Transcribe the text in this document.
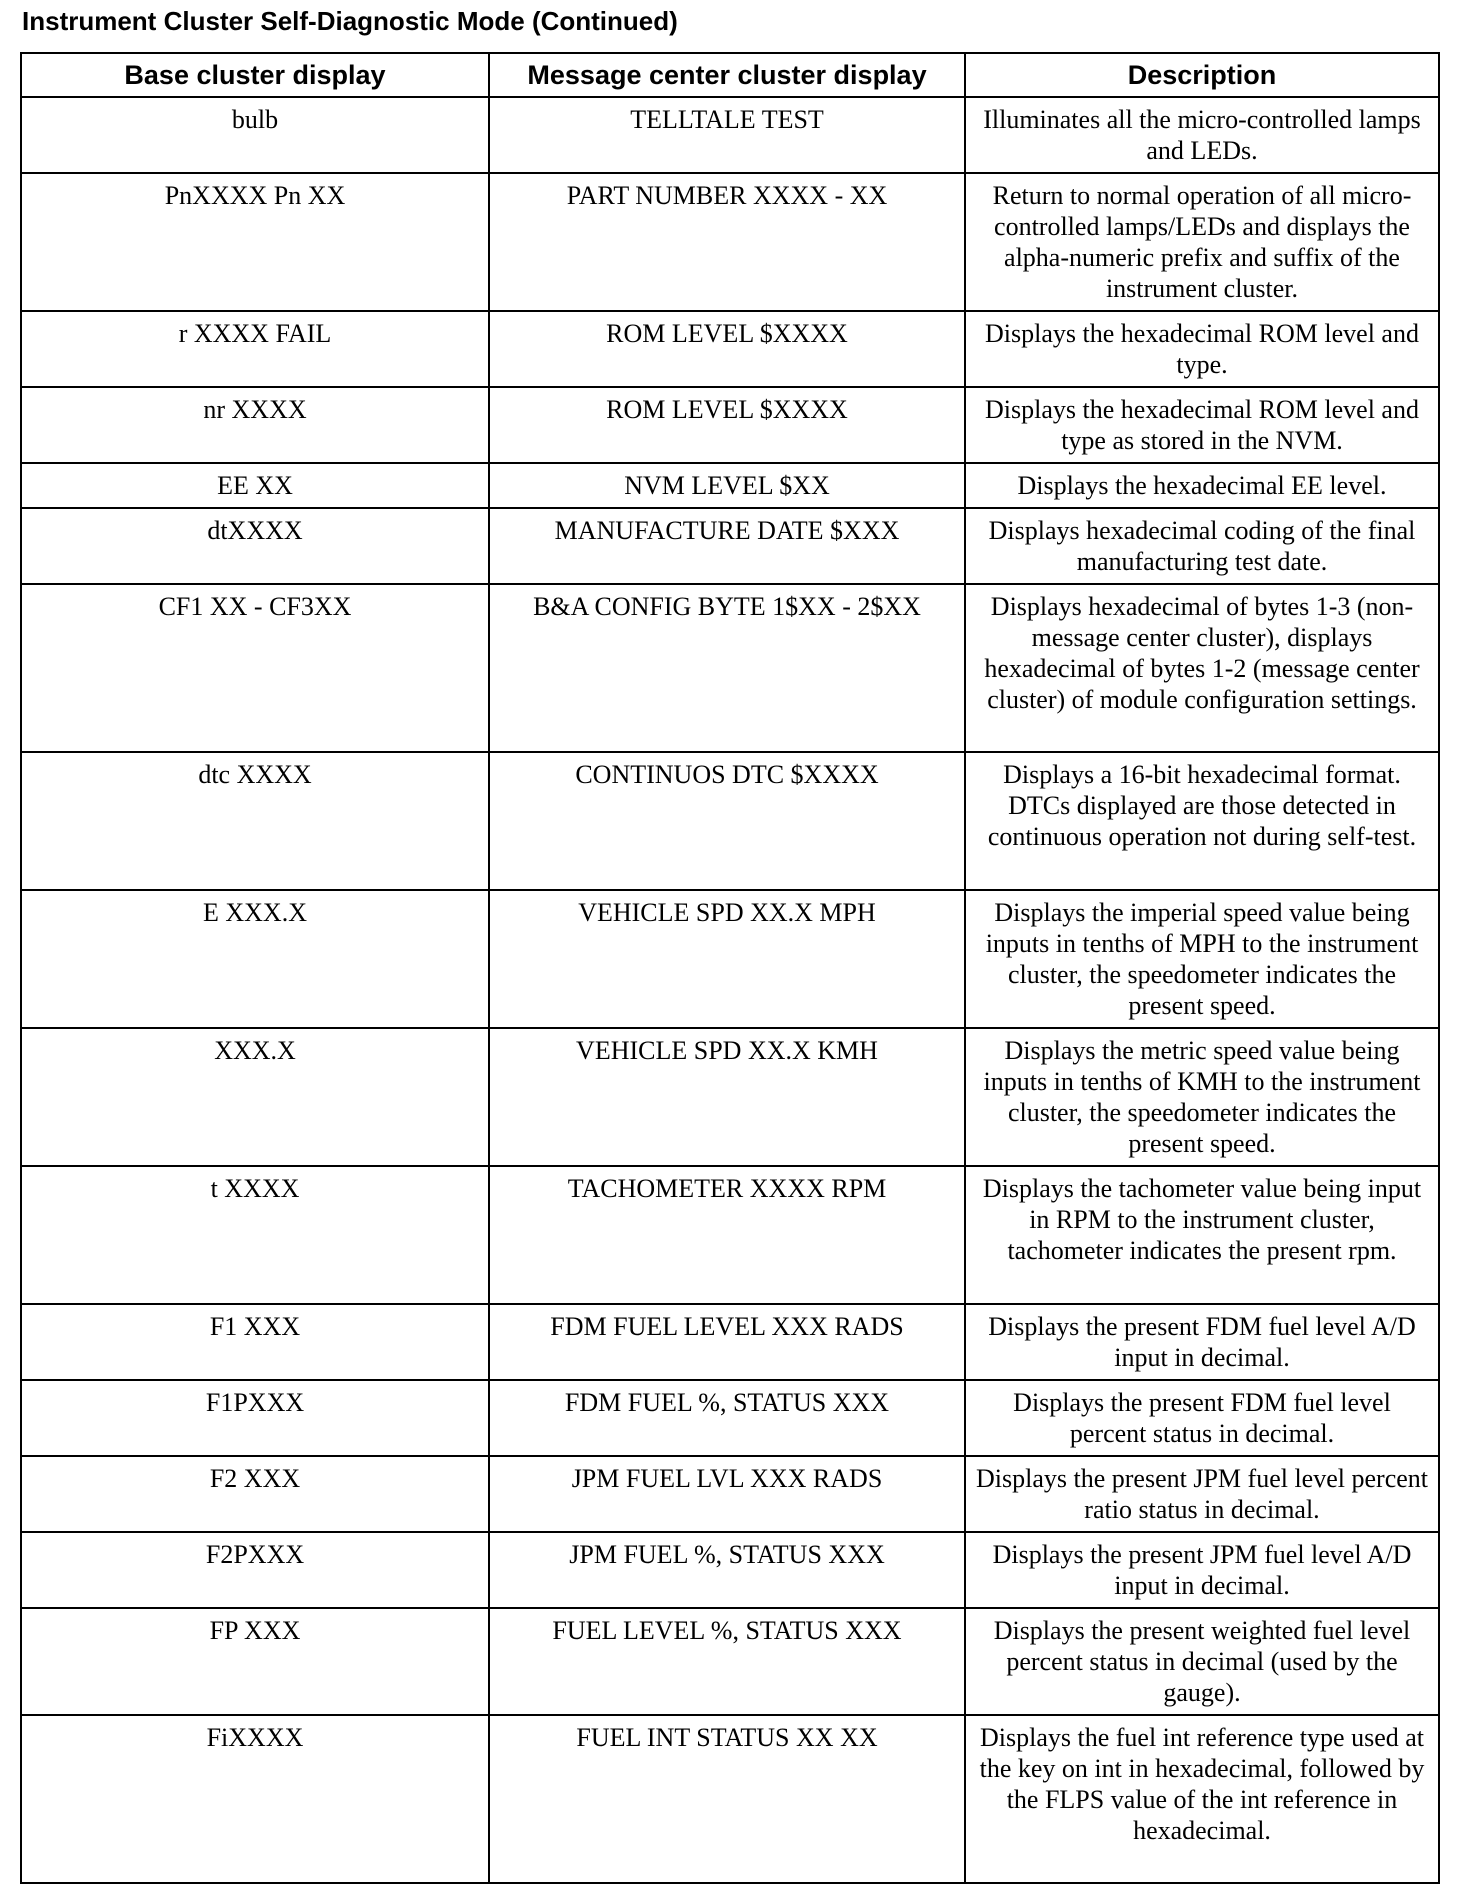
Instrument Cluster Self-Diagnostic Mode (Continued)
Base cluster display	Message center cluster display	Description
bulb	TELLTALE TEST	Illuminates all the micro-controlled lamps and LEDs.
PnXXXX Pn XX	PART NUMBER XXXX - XX	Return to normal operation of all micro-controlled lamps/LEDs and displays the alpha-numeric prefix and suffix of the instrument cluster.
r XXXX FAIL	ROM LEVEL $XXXX	Displays the hexadecimal ROM level and type.
nr XXXX	ROM LEVEL $XXXX	Displays the hexadecimal ROM level and type as stored in the NVM.
EE XX	NVM LEVEL $XX	Displays the hexadecimal EE level.
dtXXXX	MANUFACTURE DATE $XXX	Displays hexadecimal coding of the final manufacturing test date.
CF1 XX - CF3XX	B&A CONFIG BYTE 1$XX - 2$XX	Displays hexadecimal of bytes 1-3 (non-message center cluster), displays hexadecimal of bytes 1-2 (message center cluster) of module configuration settings.
dtc XXXX	CONTINUOS DTC $XXXX	Displays a 16-bit hexadecimal format. DTCs displayed are those detected in continuous operation not during self-test.
E XXX.X	VEHICLE SPD XX.X MPH	Displays the imperial speed value being inputs in tenths of MPH to the instrument cluster, the speedometer indicates the present speed.
XXX.X	VEHICLE SPD XX.X KMH	Displays the metric speed value being inputs in tenths of KMH to the instrument cluster, the speedometer indicates the present speed.
t XXXX	TACHOMETER XXXX RPM	Displays the tachometer value being input in RPM to the instrument cluster, tachometer indicates the present rpm.
F1 XXX	FDM FUEL LEVEL XXX RADS	Displays the present FDM fuel level A/D input in decimal.
F1PXXX	FDM FUEL %, STATUS XXX	Displays the present FDM fuel level percent status in decimal.
F2 XXX	JPM FUEL LVL XXX RADS	Displays the present JPM fuel level percent ratio status in decimal.
F2PXXX	JPM FUEL %, STATUS XXX	Displays the present JPM fuel level A/D input in decimal.
FP XXX	FUEL LEVEL %, STATUS XXX	Displays the present weighted fuel level percent status in decimal (used by the gauge).
FiXXXX	FUEL INT STATUS XX XX	Displays the fuel int reference type used at the key on int in hexadecimal, followed by the FLPS value of the int reference in hexadecimal.
